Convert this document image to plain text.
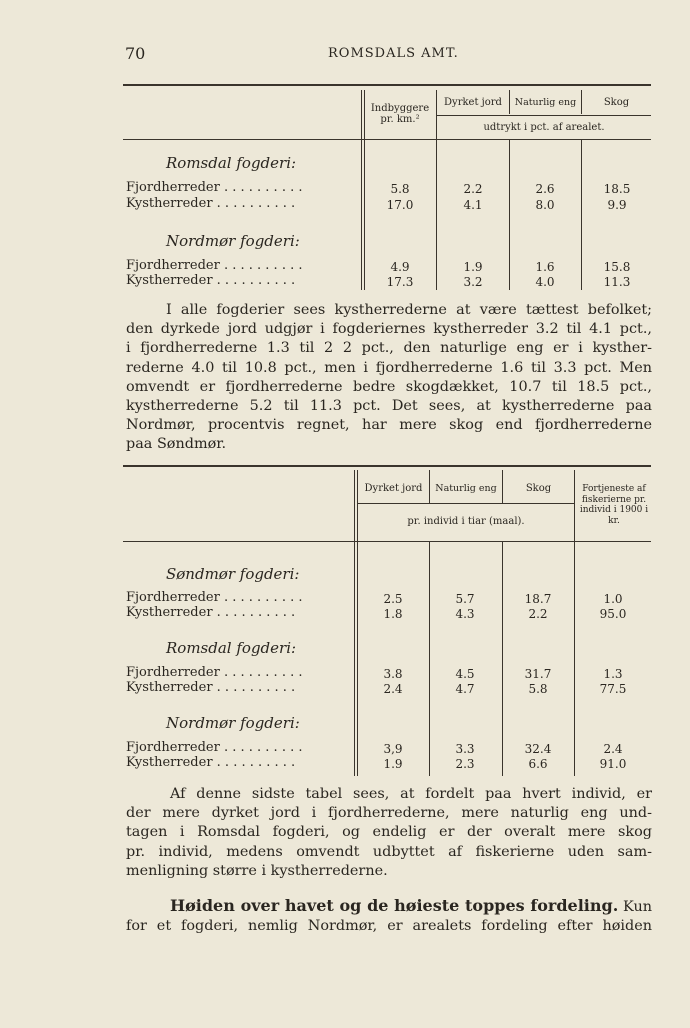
70	ROMSDALS AMT.
Indbyggere pr. km.²
Dyrket jord	Naturlig eng	Skog
udtrykt i pct. af arealet.
Romsdal fogderi:
Fjordherreder . . . . . . . . . .	5.8	2.2	2.6	18.5
Kystherreder . . . . . . . . . .	17.0	4.1	8.0	9.9
Nordmør fogderi:
Fjordherreder . . . . . . . . . .	4.9	1.9	1.6	15.8
Kystherreder . . . . . . . . . .	17.3	3.2	4.0	11.3
I alle fogderier sees kystherrederne at være tættest befolket;
den dyrkede jord udgjør i fogderiernes kystherreder 3.2 til 4.1 pct.,
i fjordherrederne 1.3 til 2 2 pct., den naturlige eng er i kysther-
rederne 4.0 til 10.8 pct., men i fjordherrederne 1.6 til 3.3 pct. Men
omvendt er fjordherrederne bedre skogdækket, 10.7 til 18.5 pct.,
kystherrederne 5.2 til 11.3 pct. Det sees, at kystherrederne paa
Nordmør, procentvis regnet, har mere skog end fjordherrederne
paa Søndmør.
Dyrket jord	Naturlig eng	Skog
pr. individ i tiar (maal).
Fortjeneste af fiskerierne pr. individ i 1900 i kr.
Søndmør fogderi:
Fjordherreder . . . . . . . . . .	2.5	5.7	18.7	1.0
Kystherreder . . . . . . . . . .	1.8	4.3	2.2	95.0
Romsdal fogderi:
Fjordherreder . . . . . . . . . .	3.8	4.5	31.7	1.3
Kystherreder . . . . . . . . . .	2.4	4.7	5.8	77.5
Nordmør fogderi:
Fjordherreder . . . . . . . . . .	3,9	3.3	32.4	2.4
Kystherreder . . . . . . . . . .	1.9	2.3	6.6	91.0
Af denne sidste tabel sees, at fordelt paa hvert individ, er
der mere dyrket jord i fjordherrederne, mere naturlig eng und-
tagen i Romsdal fogderi, og endelig er der overalt mere skog
pr. individ, medens omvendt udbyttet af fiskerierne uden sam-
menligning større i kystherrederne.
Høiden over havet og de høieste toppes fordeling. Kun
for et fogderi, nemlig Nordmør, er arealets fordeling efter høiden
